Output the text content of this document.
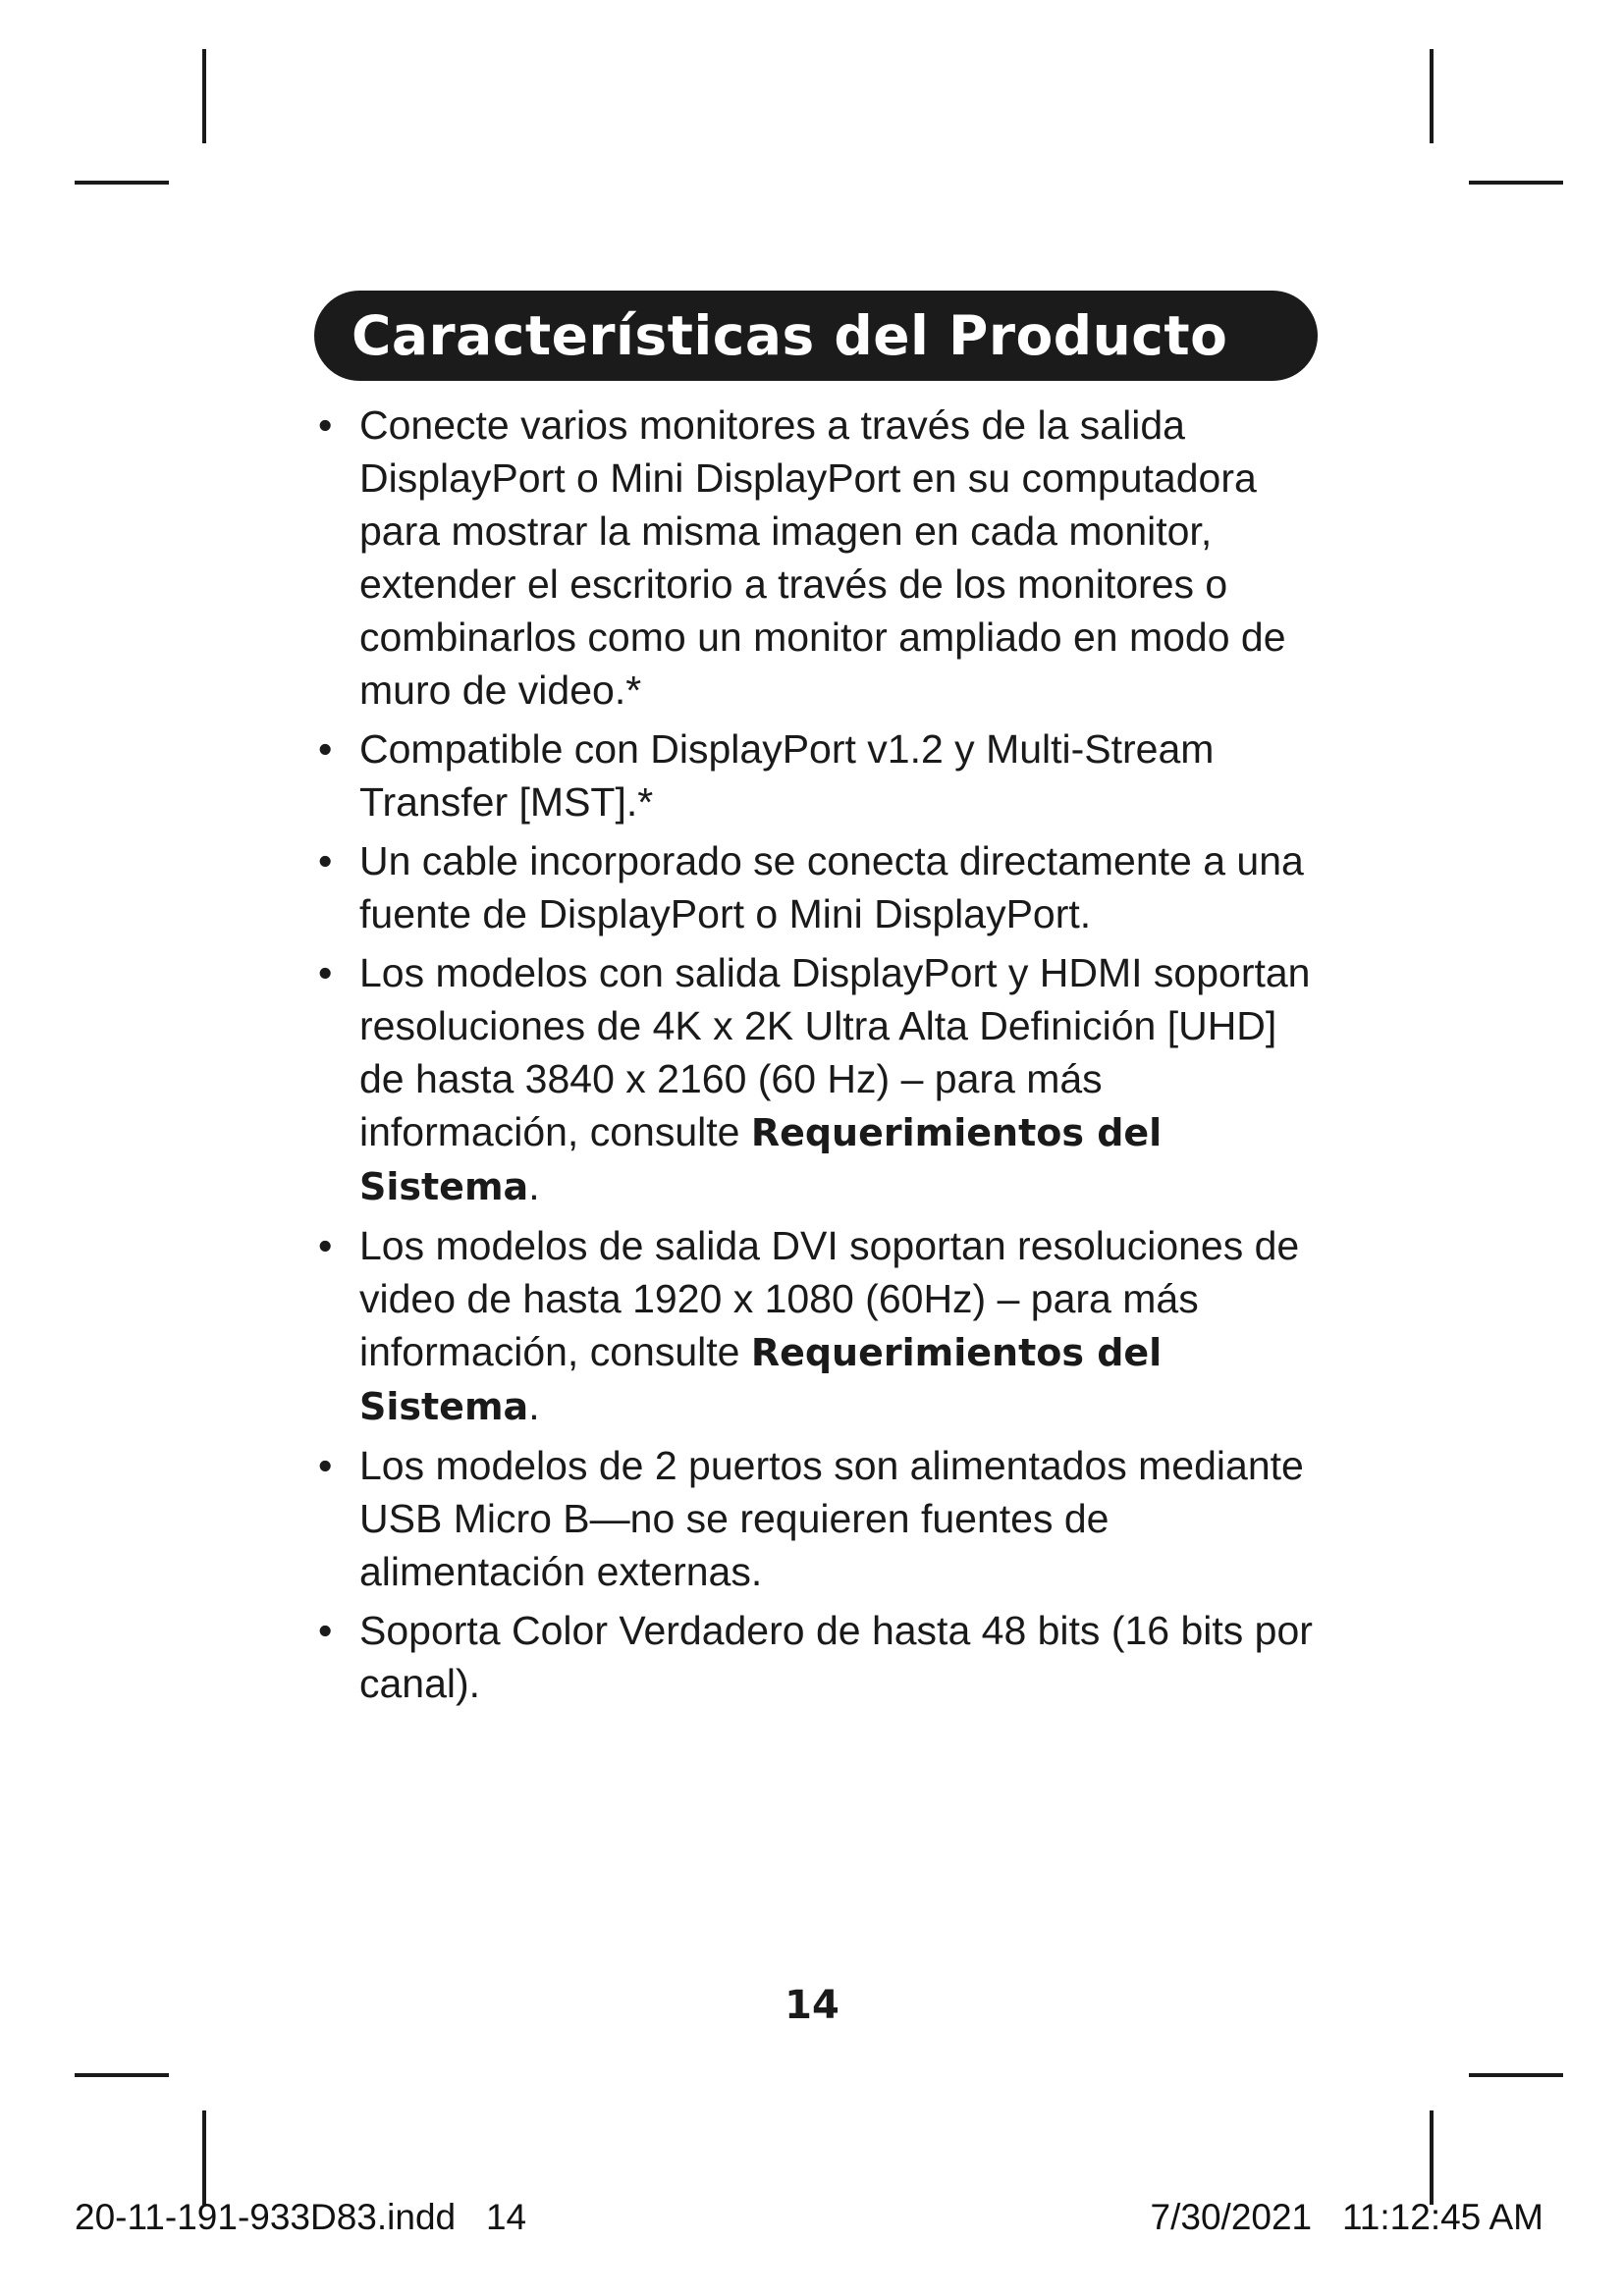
Características del Producto
• Conecte varios monitores a través de la salida DisplayPort o Mini DisplayPort en su computadora para mostrar la misma imagen en cada monitor, extender el escritorio a través de los monitores o combinarlos como un monitor ampliado en modo de muro de video.*
• Compatible con DisplayPort v1.2 y Multi-Stream Transfer [MST].*
• Un cable incorporado se conecta directamente a una fuente de DisplayPort o Mini DisplayPort.
• Los modelos con salida DisplayPort y HDMI soportan resoluciones de 4K x 2K Ultra Alta Definición [UHD] de hasta 3840 x 2160 (60 Hz) – para más información, consulte Requerimientos del Sistema.
• Los modelos de salida DVI soportan resoluciones de video de hasta 1920 x 1080 (60Hz) – para más información, consulte Requerimientos del Sistema.
• Los modelos de 2 puertos son alimentados mediante USB Micro B—no se requieren fuentes de alimentación externas.
• Soporta Color Verdadero de hasta 48 bits (16 bits por canal).
14
20-11-191-933D83.indd   14	7/30/2021   11:12:45 AM
